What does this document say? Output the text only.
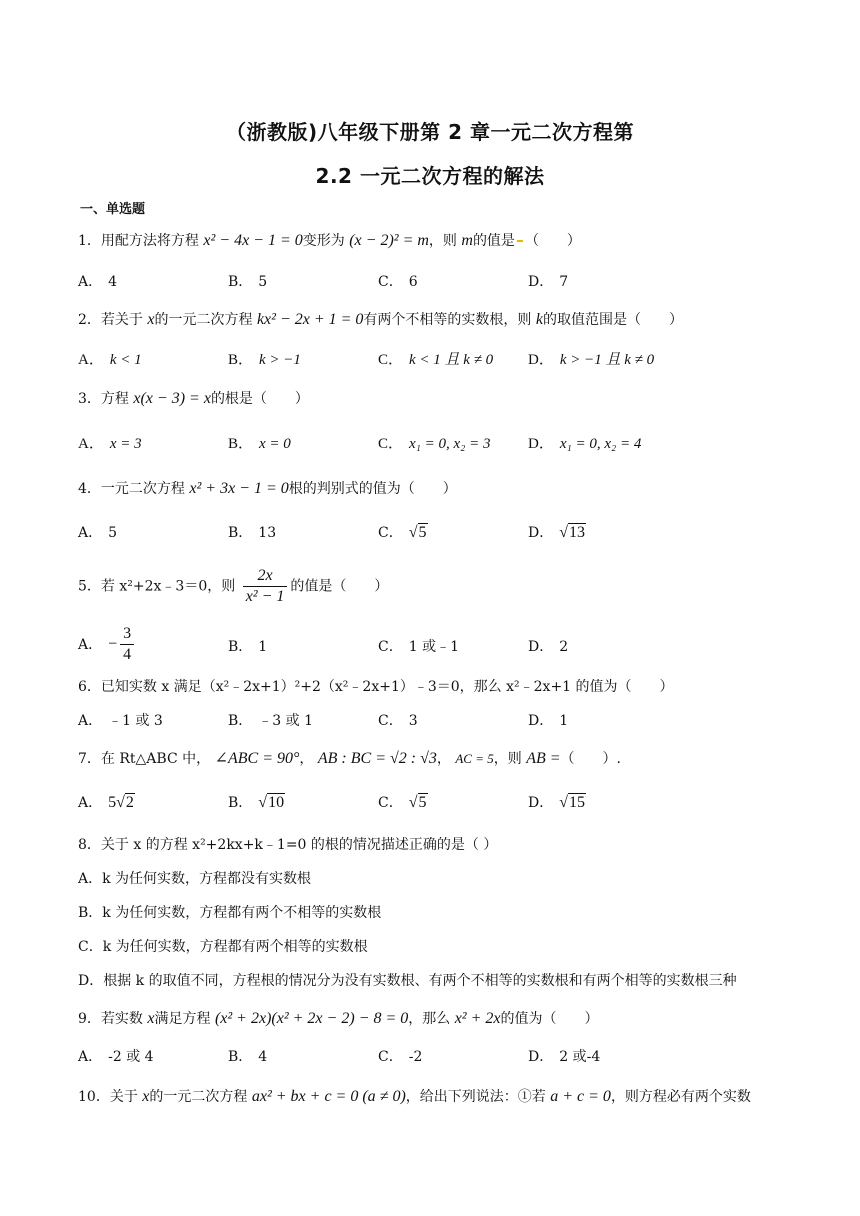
（浙教版)八年级下册第 2 章一元二次方程第
2.2 一元二次方程的解法
一、单选题
1．用配方法将方程 x² − 4x − 1 = 0变形为 (x − 2)² = m，则 m的值是 （　　）
A． 4	B． 5	C． 6	D． 7
2．若关于 x的一元二次方程 kx² − 2x + 1 = 0有两个不相等的实数根，则 k的取值范围是（　　）
A． k < 1	B． k > −1	C． k < 1 且 k ≠ 0 D． k > −1 且 k ≠ 0
3．方程 x(x − 3) = x的根是（　　）
A． x = 3	B． x = 0	C． x₁ = 0, x₂ = 3 D． x₁ = 0, x₂ = 4
4．一元二次方程 x² + 3x − 1 = 0根的判别式的值为（　　）
A． 5	B． 13	C． √5	D． √13
5．若 x²+2x﹣3＝0，则 $\frac{2x}{\text{x² − 1}}$ 的值是（　　）
A． − $\frac{3}{4}$	B． 1	C． 1 或﹣1	D． 2
6．已知实数 x 满足（x²﹣2x+1）²+2（x²﹣2x+1）﹣3＝0，那么 x²﹣2x+1 的值为（　　）
A． ﹣1 或 3	B． ﹣3 或 1	C． 3	D． 1
7．在 Rt△ABC 中， ∠ABC = 90°， AB : BC = √2 : √3， AC = 5，则 AB =（　　）.
A． 5√2	B． √10	C． √5	D． √15
8．关于 x 的方程 x²+2kx+k﹣1=0 的根的情况描述正确的是（ ）
A．k 为任何实数，方程都没有实数根
B．k 为任何实数，方程都有两个不相等的实数根
C．k 为任何实数，方程都有两个相等的实数根
D．根据 k 的取值不同，方程根的情况分为没有实数根、有两个不相等的实数根和有两个相等的实数根三种
9．若实数 x满足方程 (x² + 2x)(x² + 2x − 2) − 8 = 0，那么 x² + 2x的值为（　　）
A． -2 或 4	B． 4	C． -2	D． 2 或-4
10．关于 x的一元二次方程 ax² + bx + c = 0 (a ≠ 0)，给出下列说法：①若 a + c = 0，则方程必有两个实数
